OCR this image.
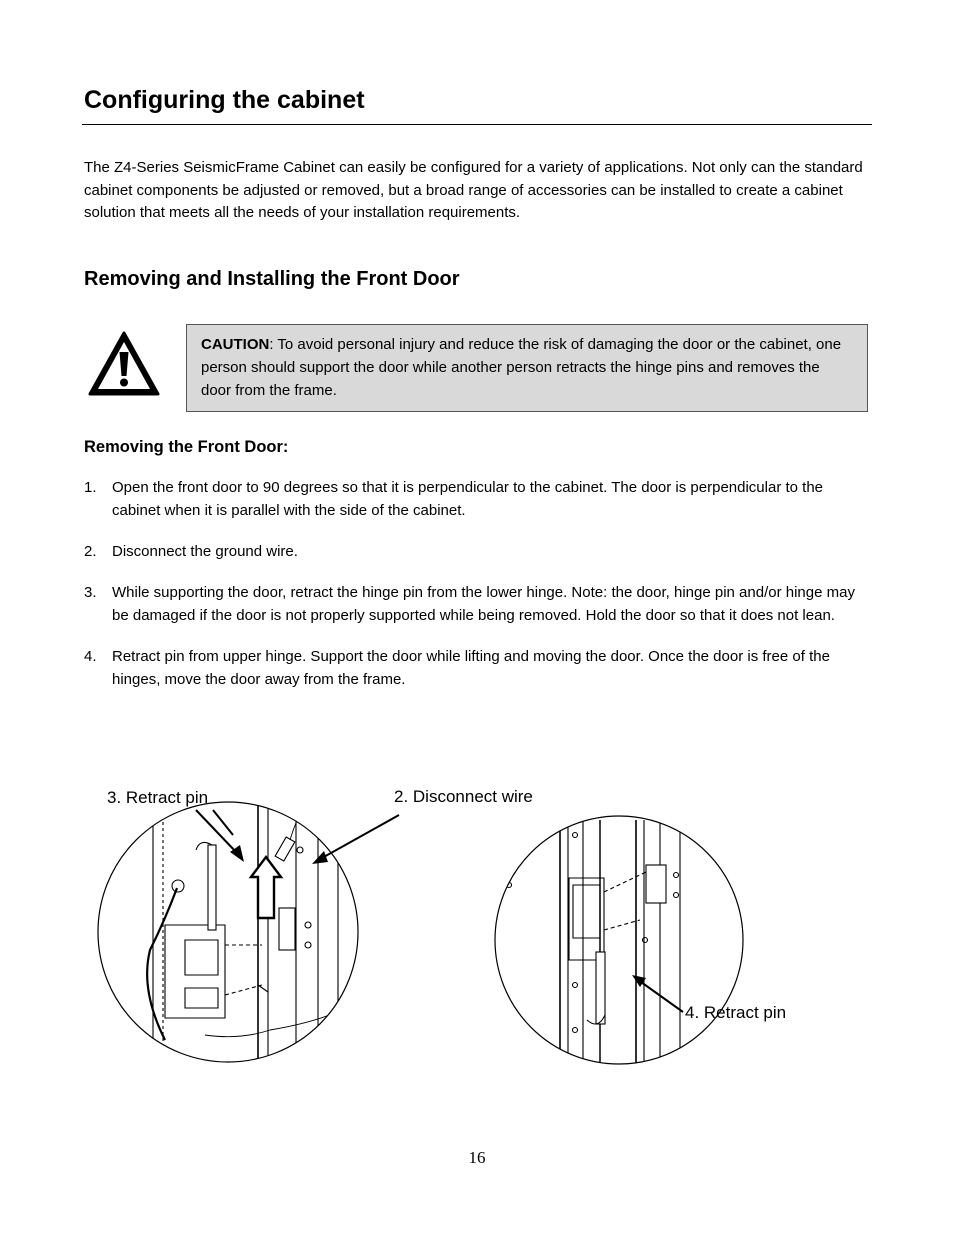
Configuring the cabinet

The Z4-Series SeismicFrame Cabinet can easily be configured for a variety of applications. Not only can the standard cabinet components be adjusted or removed, but a broad range of accessories can be installed to create a cabinet solution that meets all the needs of your installation requirements.

Removing and Installing the Front Door
CAUTION: To avoid personal injury and reduce the risk of damaging the door or the cabinet, one person should support the door while another person retracts the hinge pins and removes the door from the frame.
Removing the Front Door:
1. Open the front door to 90 degrees so that it is perpendicular to the cabinet. The door is perpendicular to the cabinet when it is parallel with the side of the cabinet.
2. Disconnect the ground wire.
3. While supporting the door, retract the hinge pin from the lower hinge. Note: the door, hinge pin and/or hinge may be damaged if the door is not properly supported while being removed. Hold the door so that it does not lean.
4. Retract pin from upper hinge. Support the door while lifting and moving the door. Once the door is free of the hinges, move the door away from the frame.
3. Retract pin	2. Disconnect wire
4. Retract pin
16
